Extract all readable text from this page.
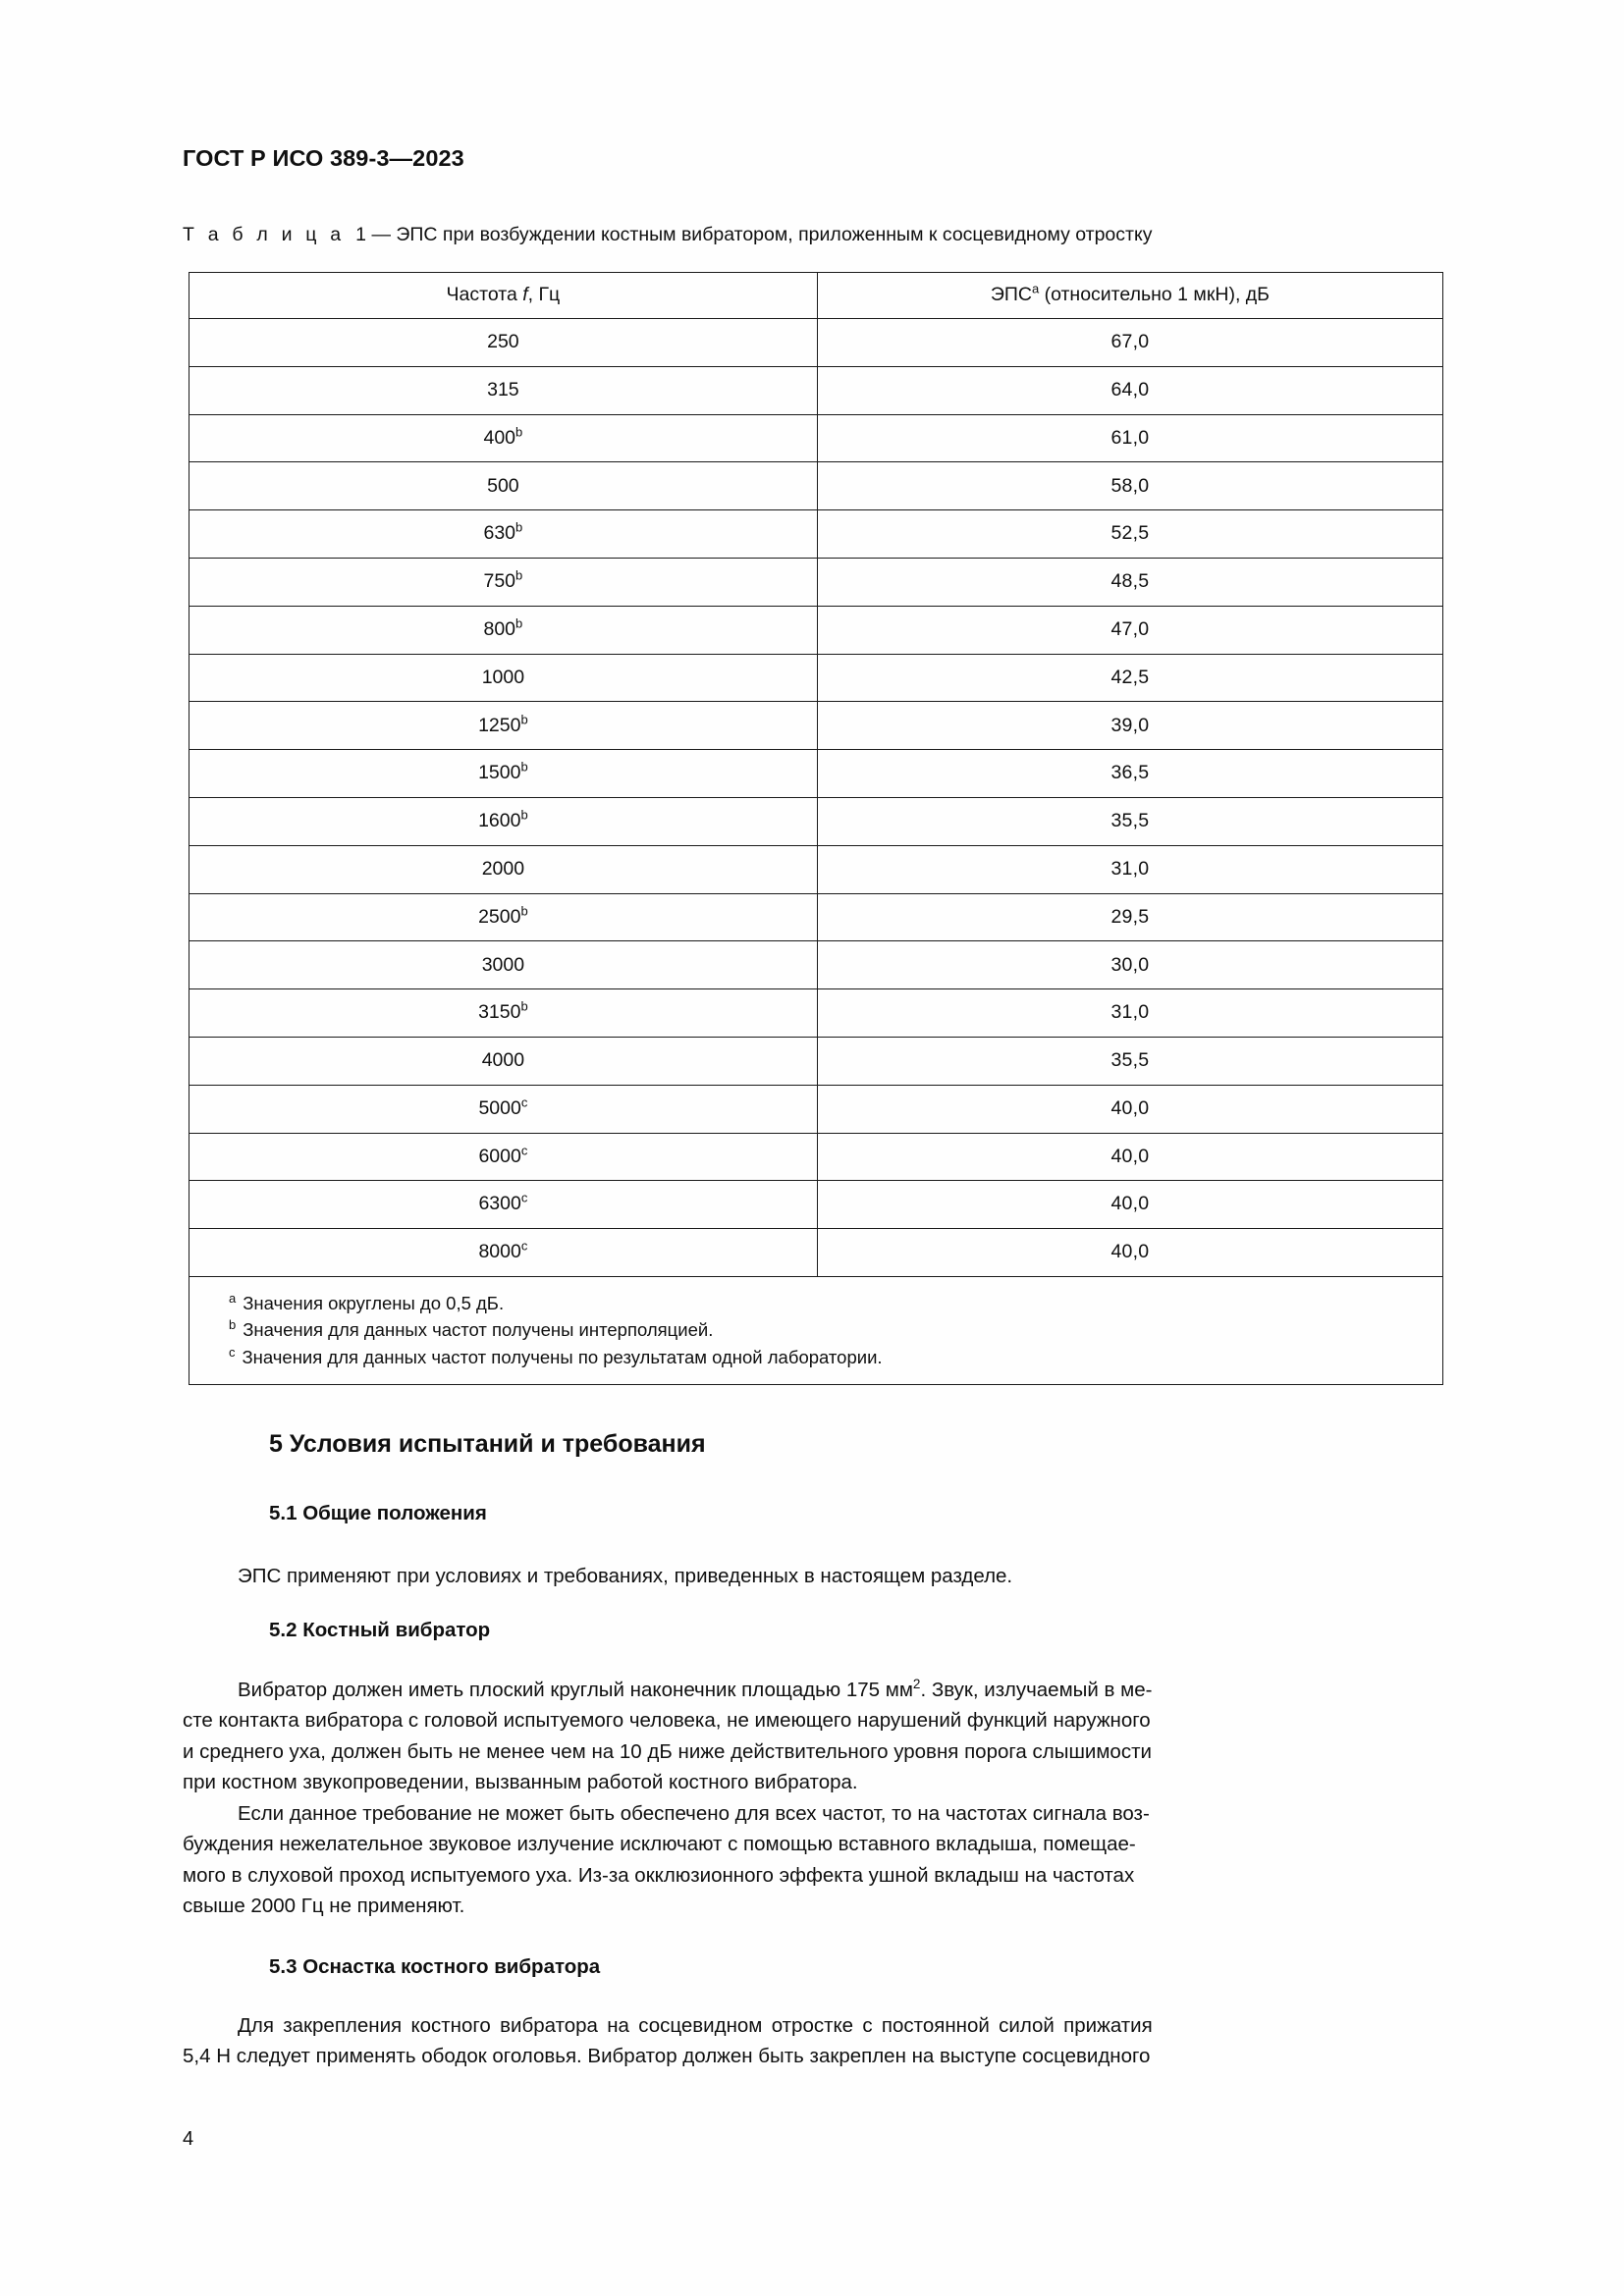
ГОСТ Р ИСО 389-3—2023
Т а б л и ц а 1 — ЭПС при возбуждении костным вибратором, приложенным к сосцевидному отростку
Частота f, Гц	ЭПС$^a$ (относительно 1 мкН), дБ
250	67,0
315	64,0
400$^b$	61,0
500	58,0
630$^b$	52,5
750$^b$	48,5
800$^b$	47,0
1000	42,5
1250$^b$	39,0
1500$^b$	36,5
1600$^b$	35,5
2000	31,0
2500$^b$	29,5
3000	30,0
3150$^b$	31,0
4000	35,5
5000$^c$	40,0
6000$^c$	40,0
6300$^c$	40,0
8000$^c$	40,0
$^a$ Значения округлены до 0,5 дБ.
$^b$ Значения для данных частот получены интерполяцией.
$^c$ Значения для данных частот получены по результатам одной лаборатории.
5 Условия испытаний и требования
5.1 Общие положения
ЭПС применяют при условиях и требованиях, приведенных в настоящем разделе.
5.2 Костный вибратор
Вибратор должен иметь плоский круглый наконечник площадью 175 $мм^2$. Звук, излучаемый в ме-
сте контакта вибратора с головой испытуемого человека, не имеющего нарушений функций наружного
и среднего уха, должен быть не менее чем на 10 дБ ниже действительного уровня порога слышимости
при костном звукопроведении, вызванным работой костного вибратора.
Если данное требование не может быть обеспечено для всех частот, то на частотах сигнала воз-
буждения нежелательное звуковое излучение исключают с помощью вставного вкладыша, помещае-
мого в слуховой проход испытуемого уха. Из-за окклюзионного эффекта ушной вкладыш на частотах
свыше 2000 Гц не применяют.
5.3 Оснастка костного вибратора
Для закрепления костного вибратора на сосцевидном отростке с постоянной силой прижатия
5,4 Н следует применять ободок оголовья. Вибратор должен быть закреплен на выступе сосцевидного
4
